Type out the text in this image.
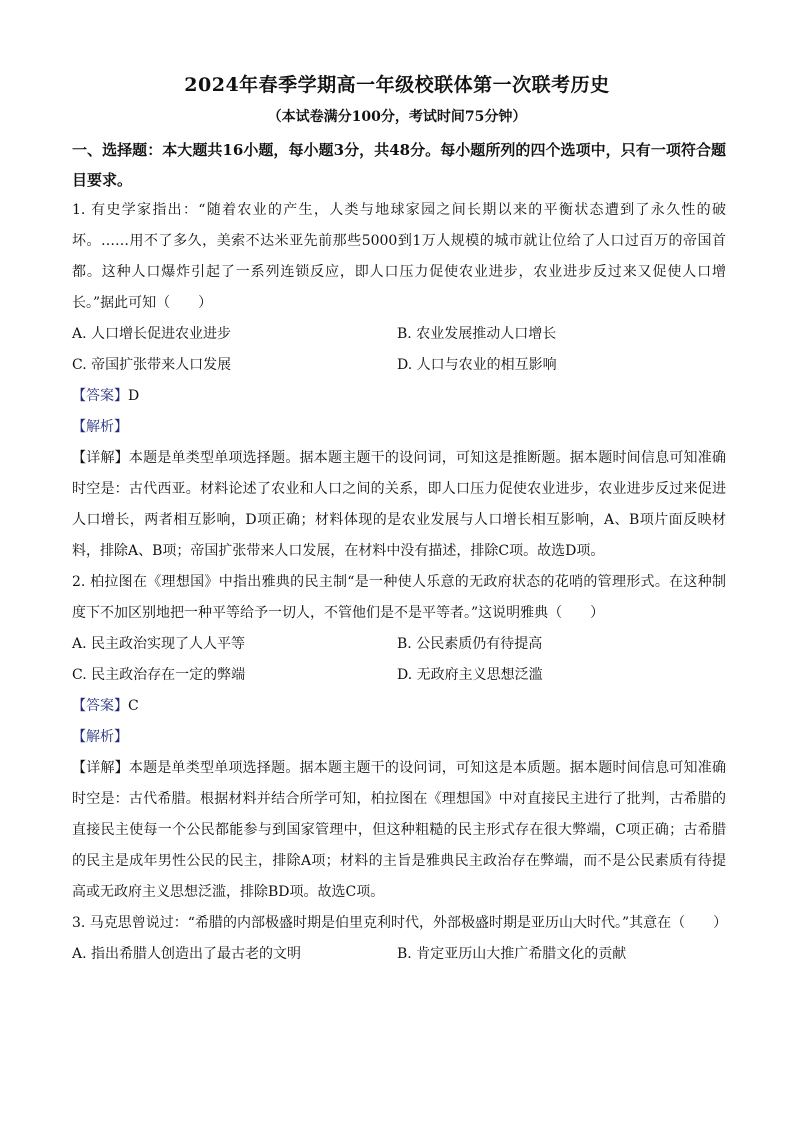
2024年春季学期高一年级校联体第一次联考历史
（本试卷满分100分，考试时间75分钟）

一、选择题：本大题共16小题，每小题3分，共48分。每小题所列的四个选项中，只有一项符合题目要求。

1. 有史学家指出：“随着农业的产生，人类与地球家园之间长期以来的平衡状态遭到了永久性的破坏。……用不了多久，美索不达米亚先前那些5000到1万人规模的城市就让位给了人口过百万的帝国首都。这种人口爆炸引起了一系列连锁反应，即人口压力促使农业进步，农业进步反过来又促使人口增长。”据此可知（　　）

A. 人口增长促进农业进步	B. 农业发展推动人口增长
C. 帝国扩张带来人口发展	D. 人口与农业的相互影响

【答案】D

【解析】

【详解】本题是单类型单项选择题。据本题主题干的设问词，可知这是推断题。据本题时间信息可知准确时空是：古代西亚。材料论述了农业和人口之间的关系，即人口压力促使农业进步，农业进步反过来促进人口增长，两者相互影响，D项正确；材料体现的是农业发展与人口增长相互影响，A、B项片面反映材料，排除A、B项；帝国扩张带来人口发展，在材料中没有描述，排除C项。故选D项。

2. 柏拉图在《理想国》中指出雅典的民主制“是一种使人乐意的无政府状态的花哨的管理形式。在这种制度下不加区别地把一种平等给予一切人，不管他们是不是平等者。”这说明雅典（　　）

A. 民主政治实现了人人平等	B. 公民素质仍有待提高
C. 民主政治存在一定的弊端	D. 无政府主义思想泛滥

【答案】C

【解析】

【详解】本题是单类型单项选择题。据本题主题干的设问词，可知这是本质题。据本题时间信息可知准确时空是：古代希腊。根据材料并结合所学可知，柏拉图在《理想国》中对直接民主进行了批判，古希腊的直接民主使每一个公民都能参与到国家管理中，但这种粗糙的民主形式存在很大弊端，C项正确；古希腊的民主是成年男性公民的民主，排除A项；材料的主旨是雅典民主政治存在弊端，而不是公民素质有待提高或无政府主义思想泛滥，排除BD项。故选C项。

3. 马克思曾说过：“希腊的内部极盛时期是伯里克利时代，外部极盛时期是亚历山大时代。”其意在（　　）

A. 指出希腊人创造出了最古老的文明	B. 肯定亚历山大推广希腊文化的贡献
